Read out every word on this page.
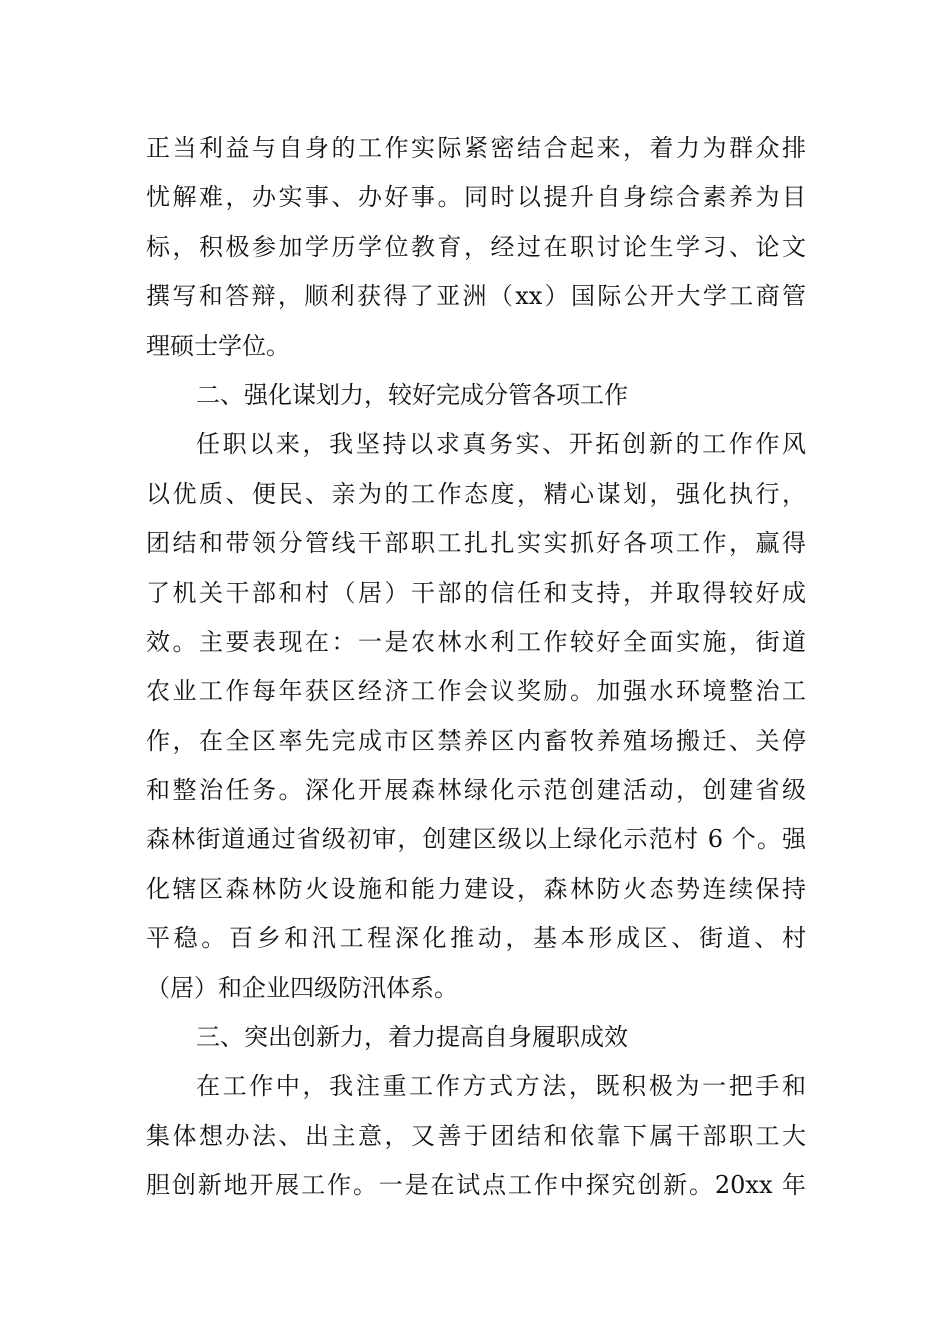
正当利益与自身的工作实际紧密结合起来，着力为群众排
忧解难，办实事、办好事。同时以提升自身综合素养为目
标，积极参加学历学位教育，经过在职讨论生学习、论文
撰写和答辩，顺利获得了亚洲（xx）国际公开大学工商管
理硕士学位。
二、强化谋划力，较好完成分管各项工作
任职以来，我坚持以求真务实、开拓创新的工作作风
以优质、便民、亲为的工作态度，精心谋划，强化执行，
团结和带领分管线干部职工扎扎实实抓好各项工作，赢得
了机关干部和村（居）干部的信任和支持，并取得较好成
效。主要表现在：一是农林水利工作较好全面实施，街道
农业工作每年获区经济工作会议奖励。加强水环境整治工
作，在全区率先完成市区禁养区内畜牧养殖场搬迁、关停
和整治任务。深化开展森林绿化示范创建活动，创建省级
森林街道通过省级初审，创建区级以上绿化示范村 6 个。强
化辖区森林防火设施和能力建设，森林防火态势连续保持
平稳。百乡和汛工程深化推动，基本形成区、街道、村
（居）和企业四级防汛体系。
三、突出创新力，着力提高自身履职成效
在工作中，我注重工作方式方法，既积极为一把手和
集体想办法、出主意，又善于团结和依靠下属干部职工大
胆创新地开展工作。一是在试点工作中探究创新。20xx 年
